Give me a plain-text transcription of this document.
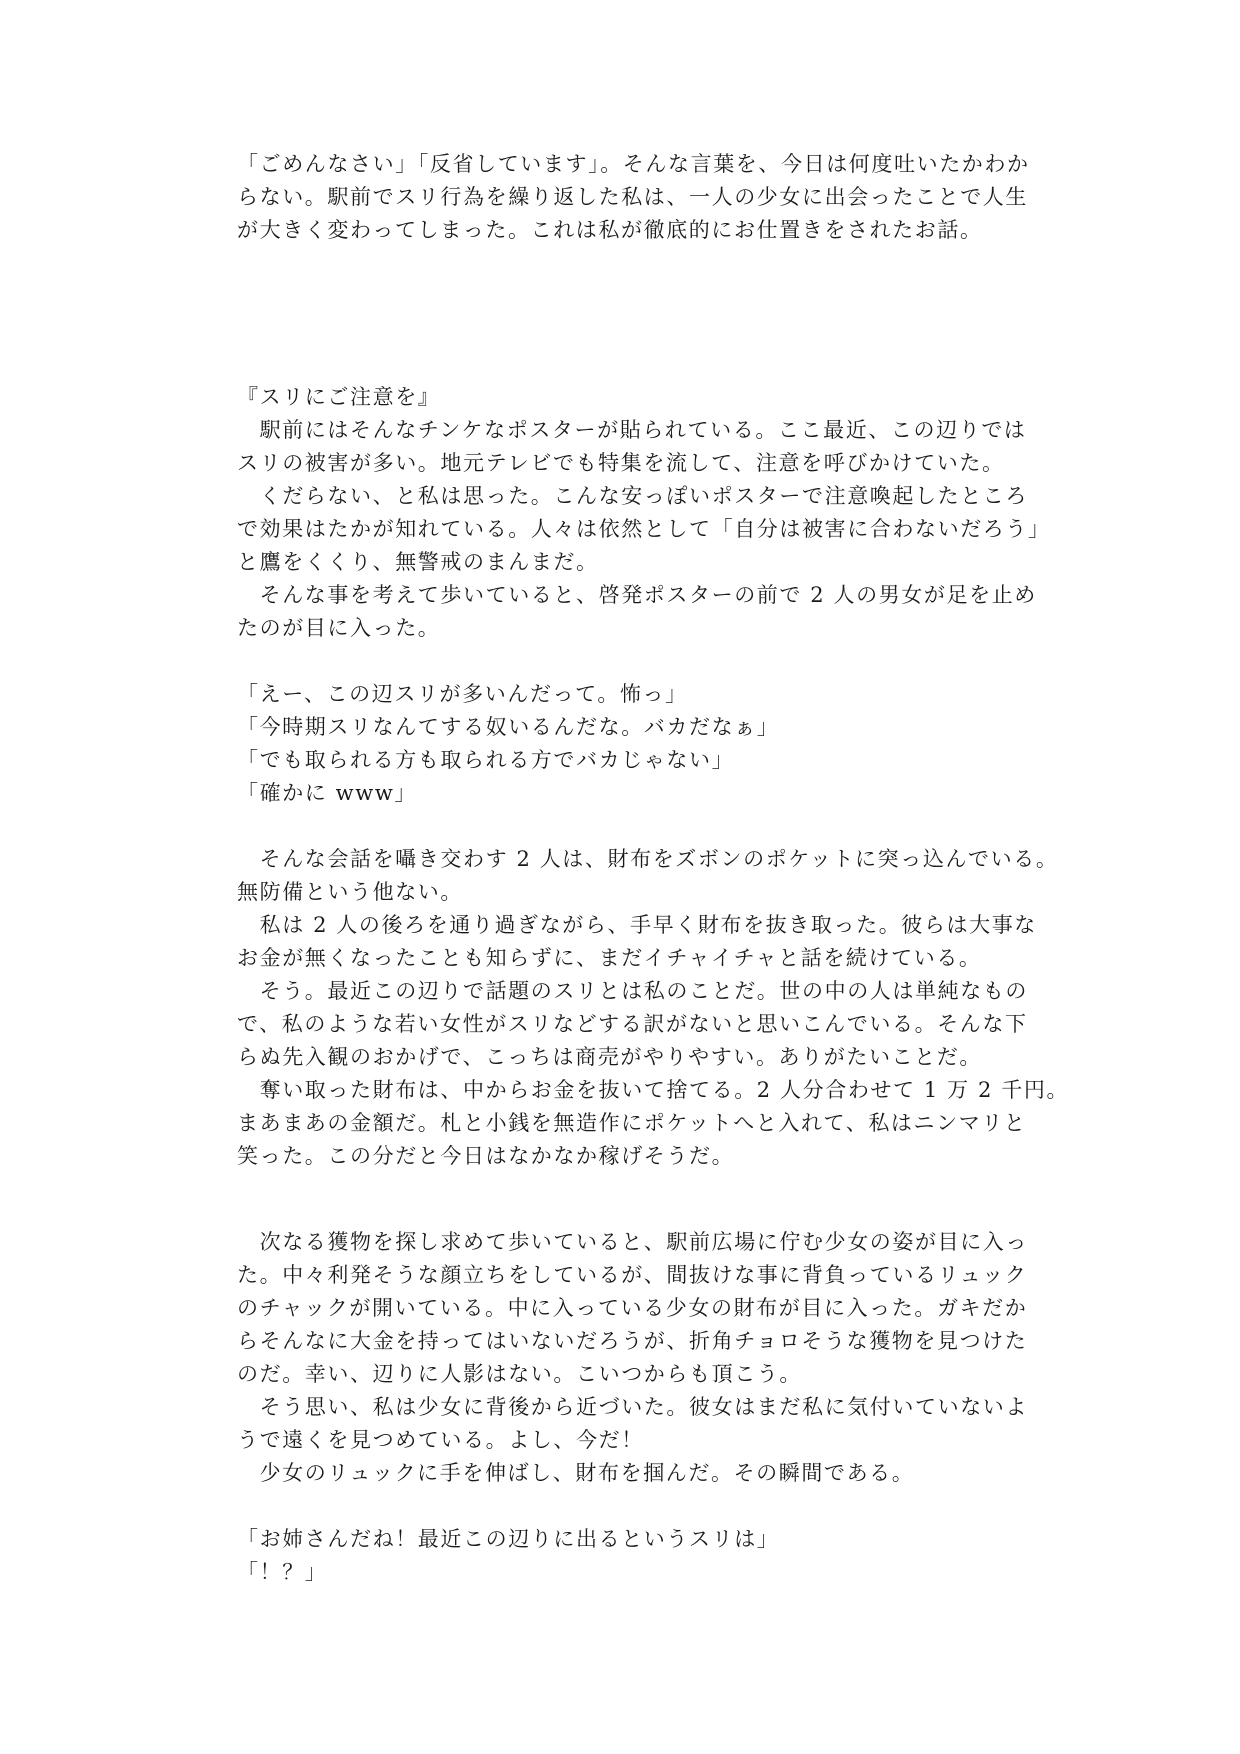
「ごめんなさい」「反省しています」。そんな言葉を、今日は何度吐いたかわか
らない。駅前でスリ行為を繰り返した私は、一人の少女に出会ったことで人生
が大きく変わってしまった。これは私が徹底的にお仕置きをされたお話。
『スリにご注意を』
　駅前にはそんなチンケなポスターが貼られている。ここ最近、この辺りでは
スリの被害が多い。地元テレビでも特集を流して、注意を呼びかけていた。
　くだらない、と私は思った。こんな安っぽいポスターで注意喚起したところ
で効果はたかが知れている。人々は依然として「自分は被害に合わないだろう」
と鷹をくくり、無警戒のまんまだ。
　そんな事を考えて歩いていると、啓発ポスターの前で 2 人の男女が足を止め
たのが目に入った。
「えー、この辺スリが多いんだって。怖っ」
「今時期スリなんてする奴いるんだな。バカだなぁ」
「でも取られる方も取られる方でバカじゃない」
「確かに www」
　そんな会話を囁き交わす 2 人は、財布をズボンのポケットに突っ込んでいる。
無防備という他ない。
　私は 2 人の後ろを通り過ぎながら、手早く財布を抜き取った。彼らは大事な
お金が無くなったことも知らずに、まだイチャイチャと話を続けている。
　そう。最近この辺りで話題のスリとは私のことだ。世の中の人は単純なもの
で、私のような若い女性がスリなどする訳がないと思いこんでいる。そんな下
らぬ先入観のおかげで、こっちは商売がやりやすい。ありがたいことだ。
　奪い取った財布は、中からお金を抜いて捨てる。2 人分合わせて 1 万 2 千円。
まあまあの金額だ。札と小銭を無造作にポケットへと入れて、私はニンマリと
笑った。この分だと今日はなかなか稼げそうだ。
　次なる獲物を探し求めて歩いていると、駅前広場に佇む少女の姿が目に入っ
た。中々利発そうな顔立ちをしているが、間抜けな事に背負っているリュック
のチャックが開いている。中に入っている少女の財布が目に入った。ガキだか
らそんなに大金を持ってはいないだろうが、折角チョロそうな獲物を見つけた
のだ。幸い、辺りに人影はない。こいつからも頂こう。
　そう思い、私は少女に背後から近づいた。彼女はまだ私に気付いていないよ
うで遠くを見つめている。よし、今だ！
　少女のリュックに手を伸ばし、財布を掴んだ。その瞬間である。
「お姉さんだね！最近この辺りに出るというスリは」
「！？」
